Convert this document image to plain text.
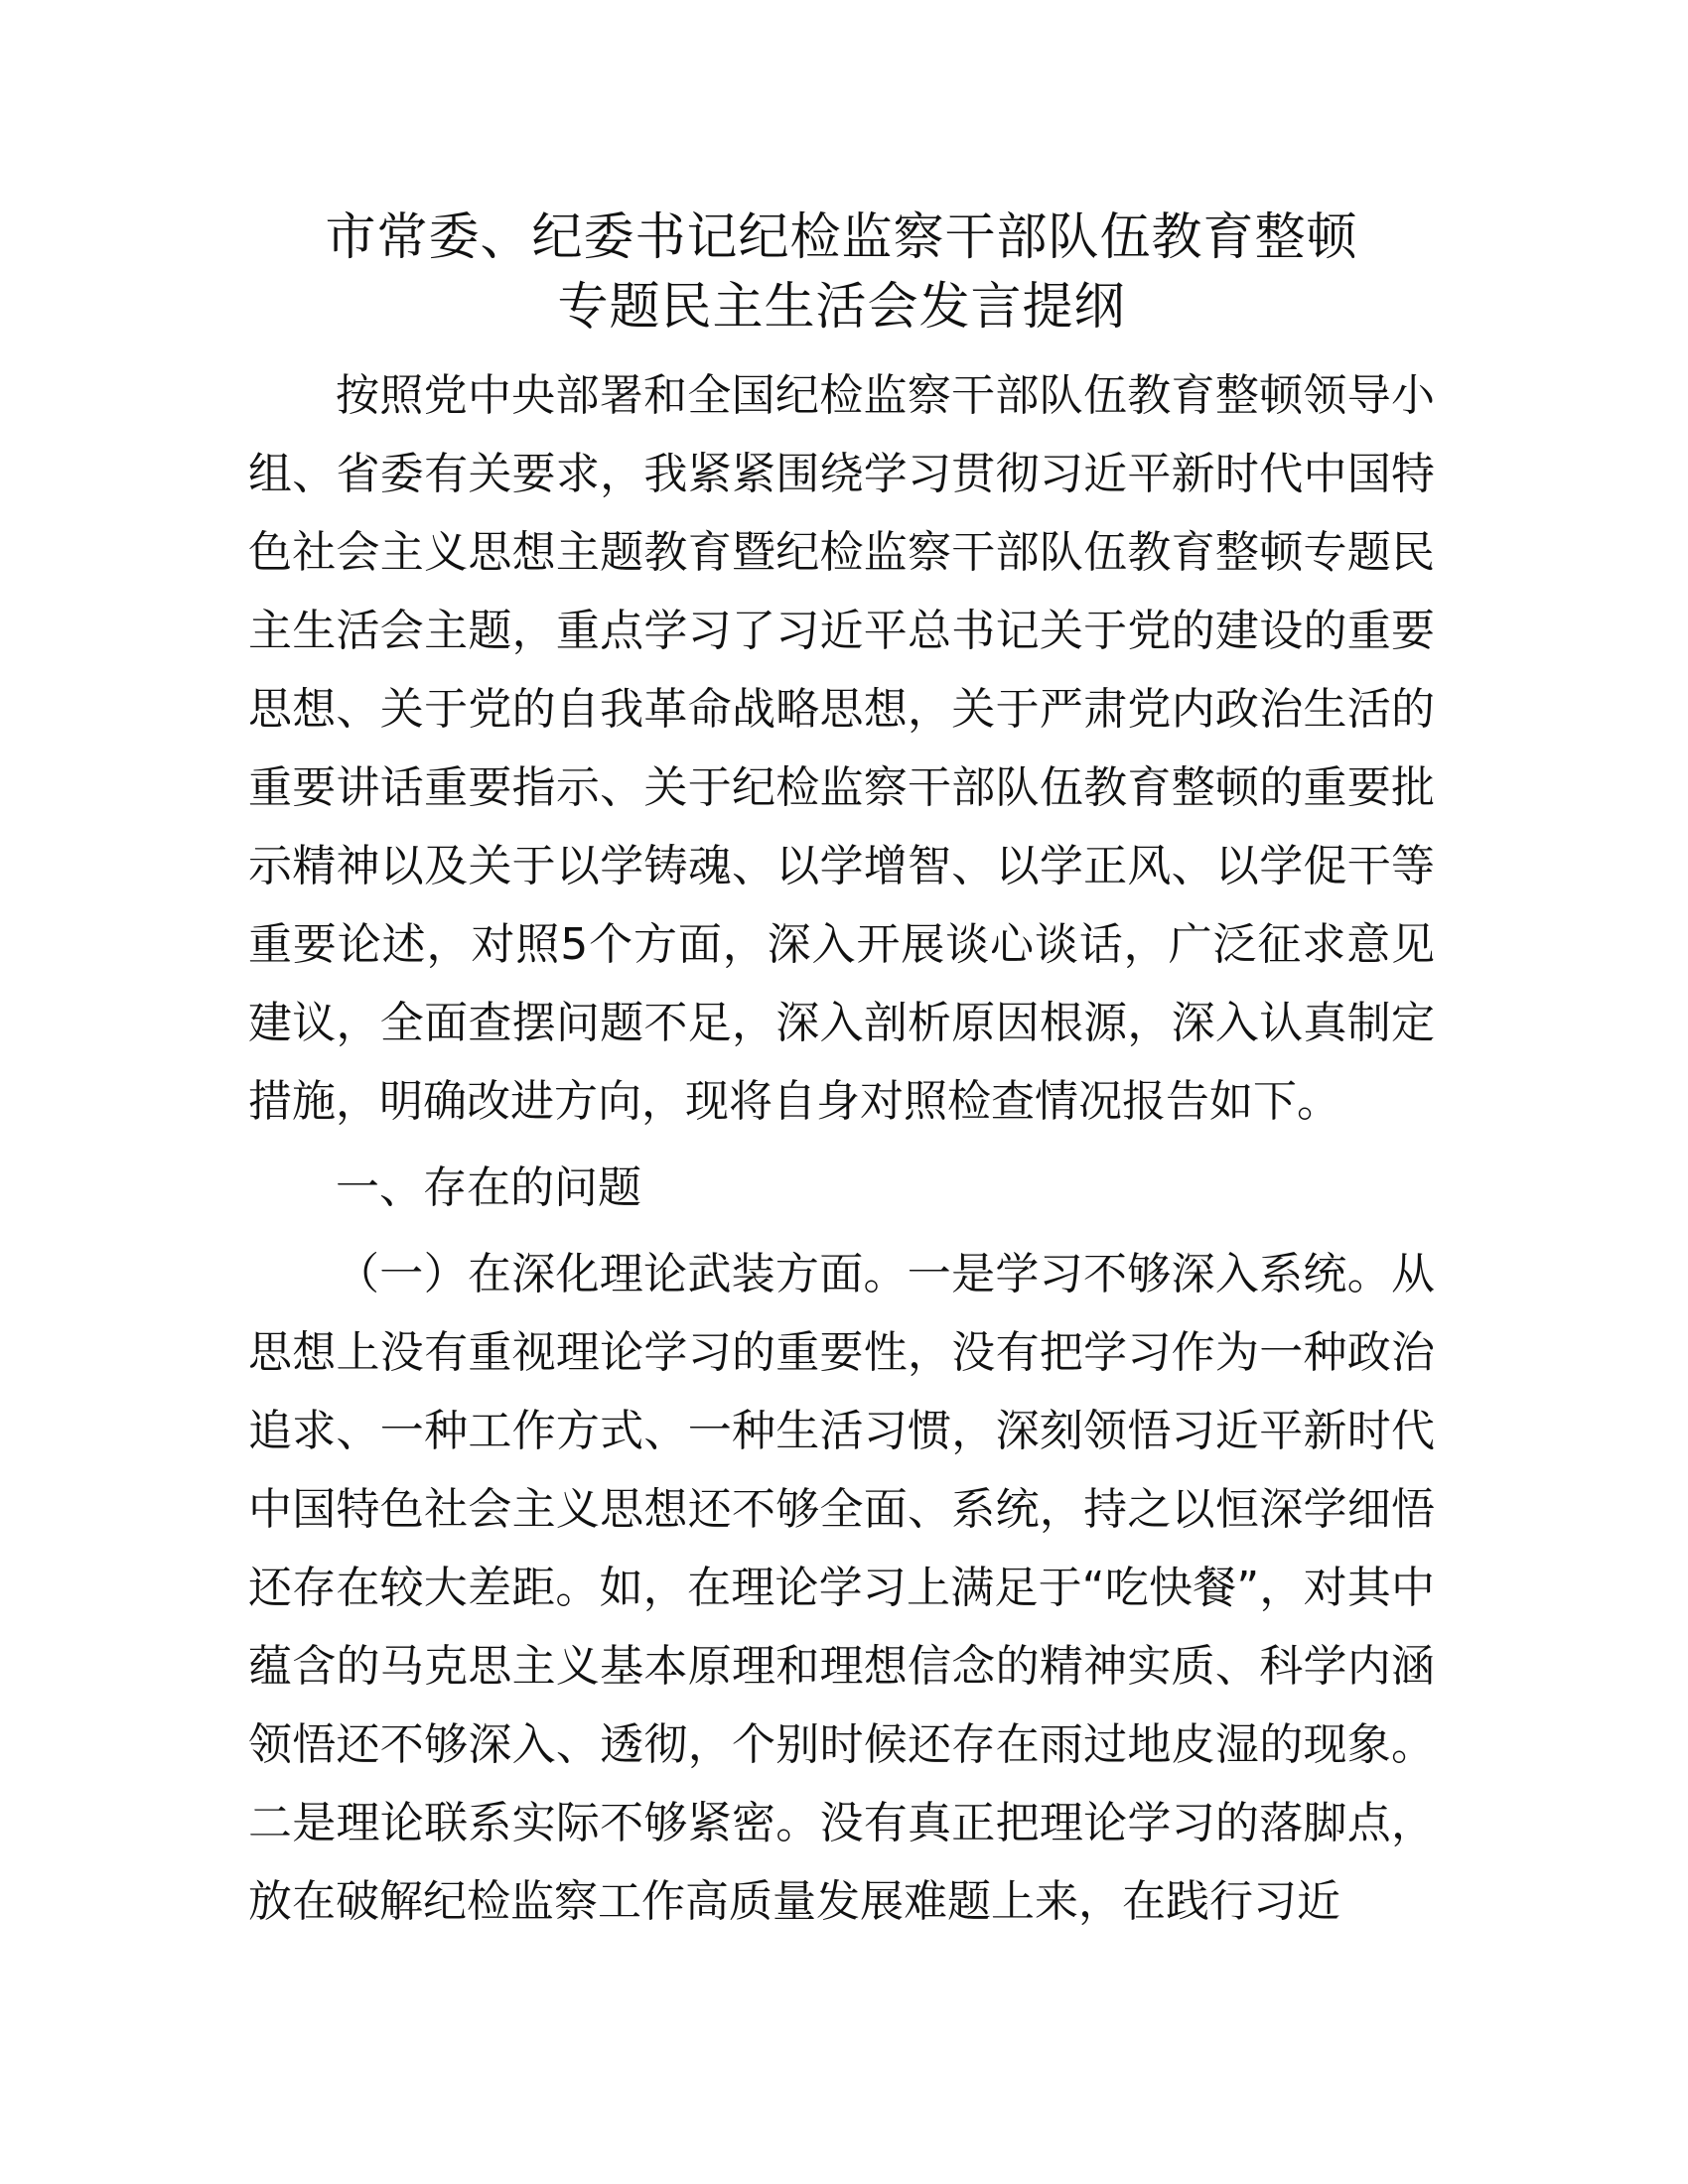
市常委、纪委书记纪检监察干部队伍教育整顿
专题民主生活会发言提纲

按照党中央部署和全国纪检监察干部队伍教育整顿领导小组、省委有关要求，我紧紧围绕学习贯彻习近平新时代中国特色社会主义思想主题教育暨纪检监察干部队伍教育整顿专题民主生活会主题，重点学习了习近平总书记关于党的建设的重要思想、关于党的自我革命战略思想，关于严肃党内政治生活的重要讲话重要指示、关于纪检监察干部队伍教育整顿的重要批示精神以及关于以学铸魂、以学增智、以学正风、以学促干等重要论述，对照5个方面，深入开展谈心谈话，广泛征求意见建议，全面查摆问题不足，深入剖析原因根源，深入认真制定措施，明确改进方向，现将自身对照检查情况报告如下。

一、存在的问题

（一）在深化理论武装方面。一是学习不够深入系统。从思想上没有重视理论学习的重要性，没有把学习作为一种政治追求、一种工作方式、一种生活习惯，深刻领悟习近平新时代中国特色社会主义思想还不够全面、系统，持之以恒深学细悟还存在较大差距。如，在理论学习上满足于“吃快餐”，对其中蕴含的马克思主义基本原理和理想信念的精神实质、科学内涵领悟还不够深入、透彻，个别时候还存在雨过地皮湿的现象。二是理论联系实际不够紧密。没有真正把理论学习的落脚点，放在破解纪检监察工作高质量发展难题上来，在践行习近
